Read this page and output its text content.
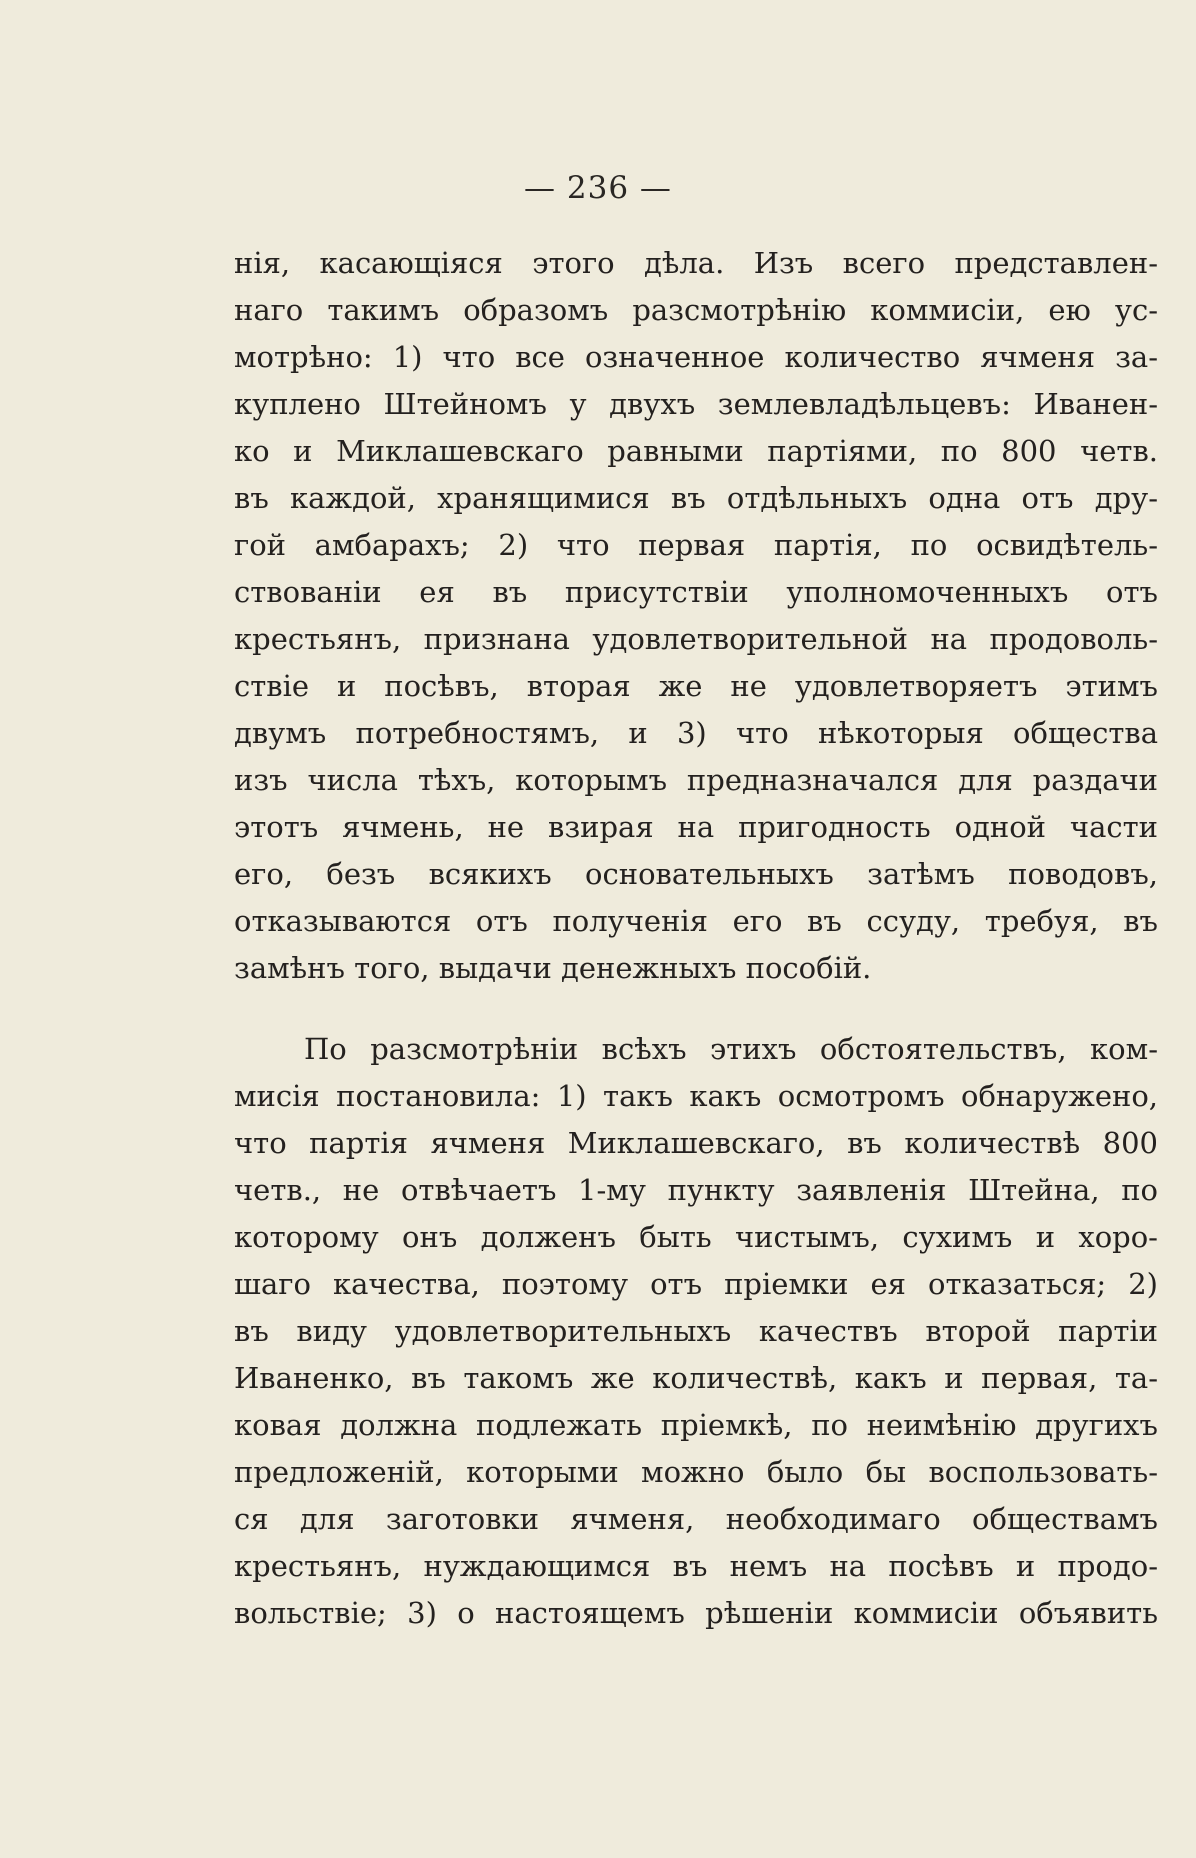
— 236 —
нія, касающіяся этого дѣла. Изъ всего представлен-
наго такимъ образомъ разсмотрѣнію коммисіи, ею ус-
мотрѣно: 1) что все означенное количество ячменя за-
куплено Штейномъ у двухъ землевладѣльцевъ: Иванен-
ко и Миклашевскаго равными партіями, по 800 четв.
въ каждой, хранящимися въ отдѣльныхъ одна отъ дру-
гой амбарахъ; 2) что первая партія, по освидѣтель-
ствованіи ея въ присутствіи уполномоченныхъ отъ
крестьянъ, признана удовлетворительной на продоволь-
ствіе и посѣвъ, вторая же не удовлетворяетъ этимъ
двумъ потребностямъ, и 3) что нѣкоторыя общества
изъ числа тѣхъ, которымъ предназначался для раздачи
этотъ ячмень, не взирая на пригодность одной части
его, безъ всякихъ основательныхъ затѣмъ поводовъ,
отказываются отъ полученія его въ ссуду, требуя, въ
замѣнъ того, выдачи денежныхъ пособій.
По разсмотрѣніи всѣхъ этихъ обстоятельствъ, ком-
мисія постановила: 1) такъ какъ осмотромъ обнаружено,
что партія ячменя Миклашевскаго, въ количествѣ 800
четв., не отвѣчаетъ 1-му пункту заявленія Штейна, по
которому онъ долженъ быть чистымъ, сухимъ и хоро-
шаго качества, поэтому отъ пріемки ея отказаться; 2)
въ виду удовлетворительныхъ качествъ второй партіи
Иваненко, въ такомъ же количествѣ, какъ и первая, та-
ковая должна подлежать пріемкѣ, по неимѣнію другихъ
предложеній, которыми можно было бы воспользовать-
ся для заготовки ячменя, необходимаго обществамъ
крестьянъ, нуждающимся въ немъ на посѣвъ и продо-
вольствіе; 3) о настоящемъ рѣшеніи коммисіи объявить
